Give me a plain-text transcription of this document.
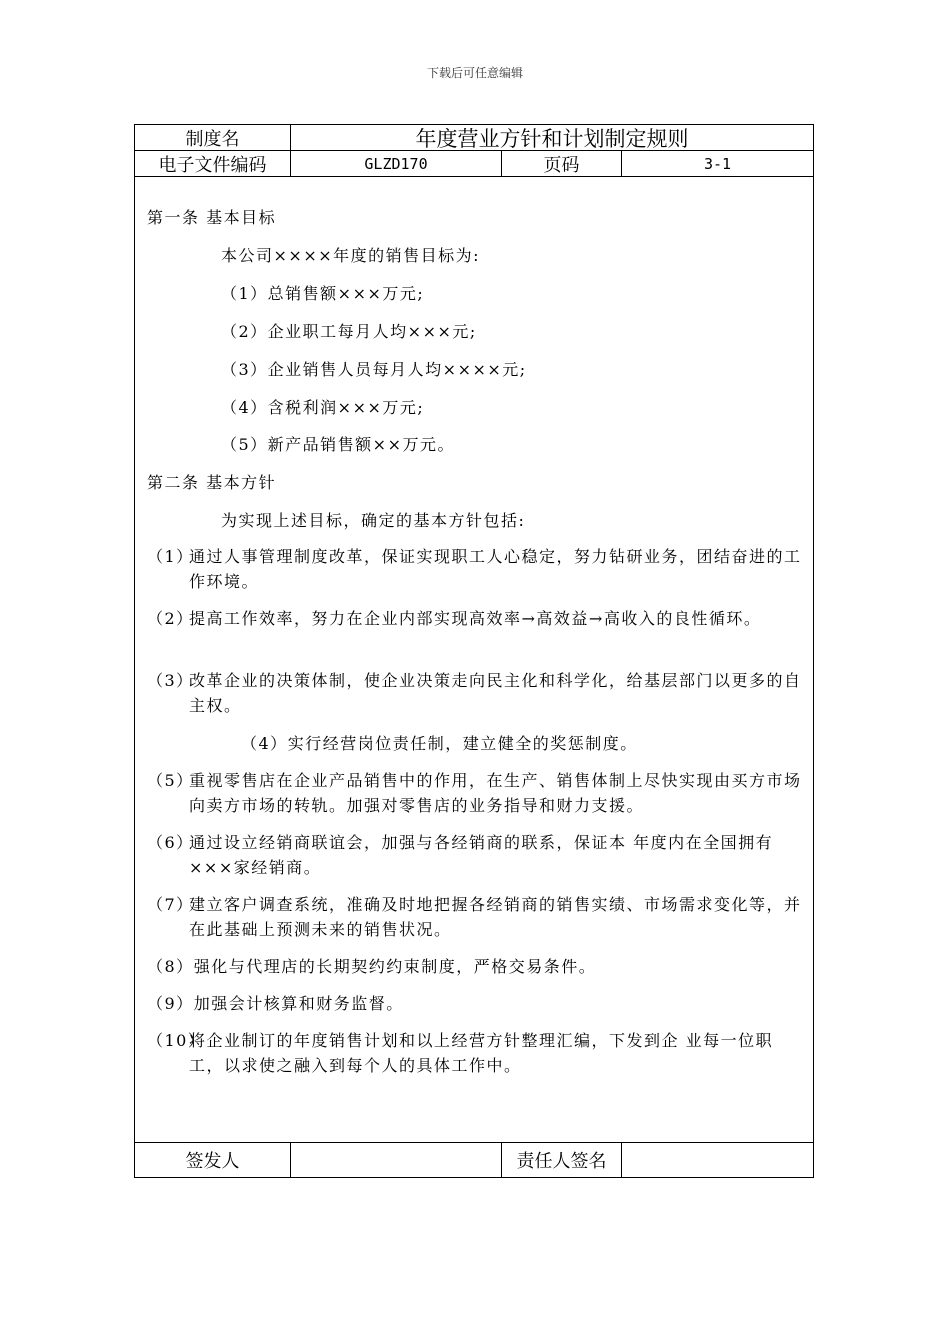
下载后可任意编辑
制度名	年度营业方针和计划制定规则
电子文件编码	GLZD170	页码	3-1
第一条 基本目标
本公司××××年度的销售目标为:
（1）总销售额×××万元;
（2）企业职工每月人均×××元;
（3）企业销售人员每月人均××××元;
（4）含税利润×××万元;
（5）新产品销售额××万元。
第二条 基本方针
为实现上述目标，确定的基本方针包括:
（1）
通过人事管理制度改革，保证实现职工人心稳定，努力钻研业务，团结奋进的工作环境。
（2）
提高工作效率，努力在企业内部实现高效率→高效益→高收入的良性循环。
（3）
改革企业的决策体制，使企业决策走向民主化和科学化，给基层部门以更多的自主权。
（4）实行经营岗位责任制，建立健全的奖惩制度。
（5）
重视零售店在企业产品销售中的作用，在生产、销售体制上尽快实现由买方市场向卖方市场的转轨。加强对零售店的业务指导和财力支援。
（6）
通过设立经销商联谊会，加强与各经销商的联系，保证本 年度内在全国拥有×××家经销商。
（7）
建立客户调查系统，准确及时地把握各经销商的销售实绩、市场需求变化等，并在此基础上预测未来的销售状况。
（8）强化与代理店的长期契约约束制度，严格交易条件。
（9）加强会计核算和财务监督。
（10）
将企业制订的年度销售计划和以上经营方针整理汇编，下发到企 业每一位职工，以求使之融入到每个人的具体工作中。
签发人	责任人签名
